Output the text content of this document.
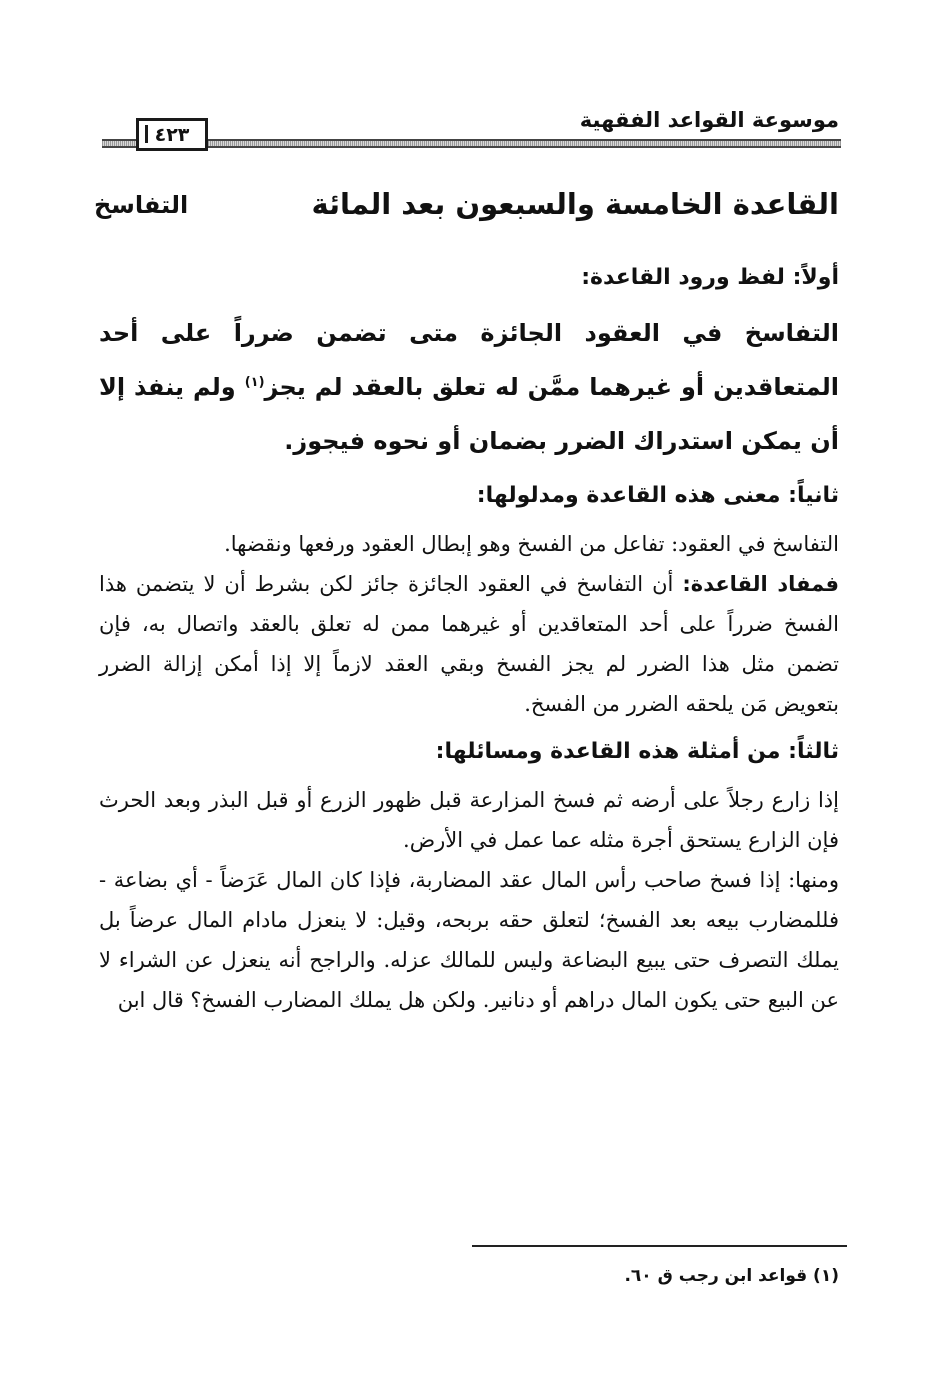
موسوعة القواعد الفقهية
٤٢٣
القاعدة الخامسة والسبعون بعد المائة
التفاسخ
أولاً: لفظ ورود القاعدة:

التفاسخ في العقود الجائزة متى تضمن ضرراً على أحد المتعاقدين أو غيرهما ممَّن له تعلق بالعقد لم يجز$^{(١)}$ ولم ينفذ إلا أن يمكن استدراك الضرر بضمان أو نحوه فيجوز.

ثانياً: معنى هذه القاعدة ومدلولها:

التفاسخ في العقود: تفاعل من الفسخ وهو إبطال العقود ورفعها ونقضها.

فمفاد القاعدة: أن التفاسخ في العقود الجائزة جائز لكن بشرط أن لا يتضمن هذا الفسخ ضرراً على أحد المتعاقدين أو غيرهما ممن له تعلق بالعقد واتصال به، فإن تضمن مثل هذا الضرر لم يجز الفسخ وبقي العقد لازماً إلا إذا أمكن إزالة الضرر بتعويض مَن يلحقه الضرر من الفسخ.

ثالثاً: من أمثلة هذه القاعدة ومسائلها:

إذا زارع رجلاً على أرضه ثم فسخ المزارعة قبل ظهور الزرع أو قبل البذر وبعد الحرث فإن الزارع يستحق أجرة مثله عما عمل في الأرض.

ومنها: إذا فسخ صاحب رأس المال عقد المضاربة، فإذا كان المال عَرَضاً - أي بضاعة - فللمضارب بيعه بعد الفسخ؛ لتعلق حقه بربحه، وقيل: لا ينعزل مادام المال عرضاً بل يملك التصرف حتى يبيع البضاعة وليس للمالك عزله. والراجح أنه ينعزل عن الشراء لا عن البيع حتى يكون المال دراهم أو دنانير. ولكن هل يملك المضارب الفسخ؟ قال ابن

(١) قواعد ابن رجب ق ٦٠.
